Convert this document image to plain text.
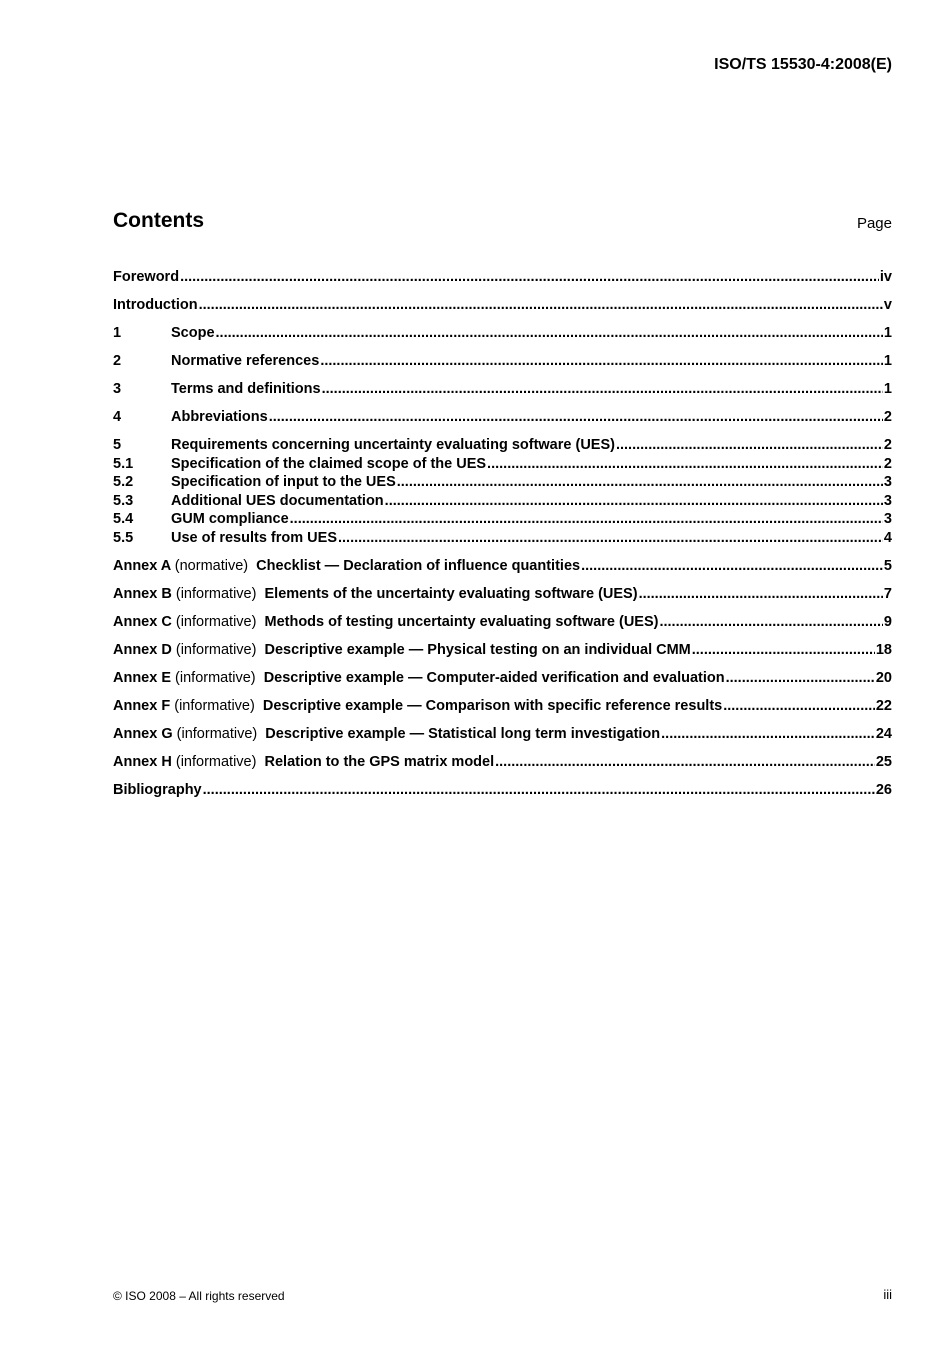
ISO/TS 15530-4:2008(E)
Contents	Page
Foreword .....	iv
Introduction .....	v
1	Scope .....	1
2	Normative references .....	1
3	Terms and definitions .....	1
4	Abbreviations .....	2
5	Requirements concerning uncertainty evaluating software (UES) .....	2
5.1	Specification of the claimed scope of the UES .....	2
5.2	Specification of input to the UES .....	3
5.3	Additional UES documentation .....	3
5.4	GUM compliance .....	3
5.5	Use of results from UES .....	4
Annex A (normative) Checklist — Declaration of influence quantities .....	5
Annex B (informative) Elements of the uncertainty evaluating software (UES) .....	7
Annex C (informative) Methods of testing uncertainty evaluating software (UES) .....	9
Annex D (informative) Descriptive example — Physical testing on an individual CMM .....	18
Annex E (informative) Descriptive example — Computer-aided verification and evaluation .....	20
Annex F (informative) Descriptive example — Comparison with specific reference results .....	22
Annex G (informative) Descriptive example — Statistical long term investigation .....	24
Annex H (informative) Relation to the GPS matrix model .....	25
Bibliography .....	26
© ISO 2008 – All rights reserved	iii
